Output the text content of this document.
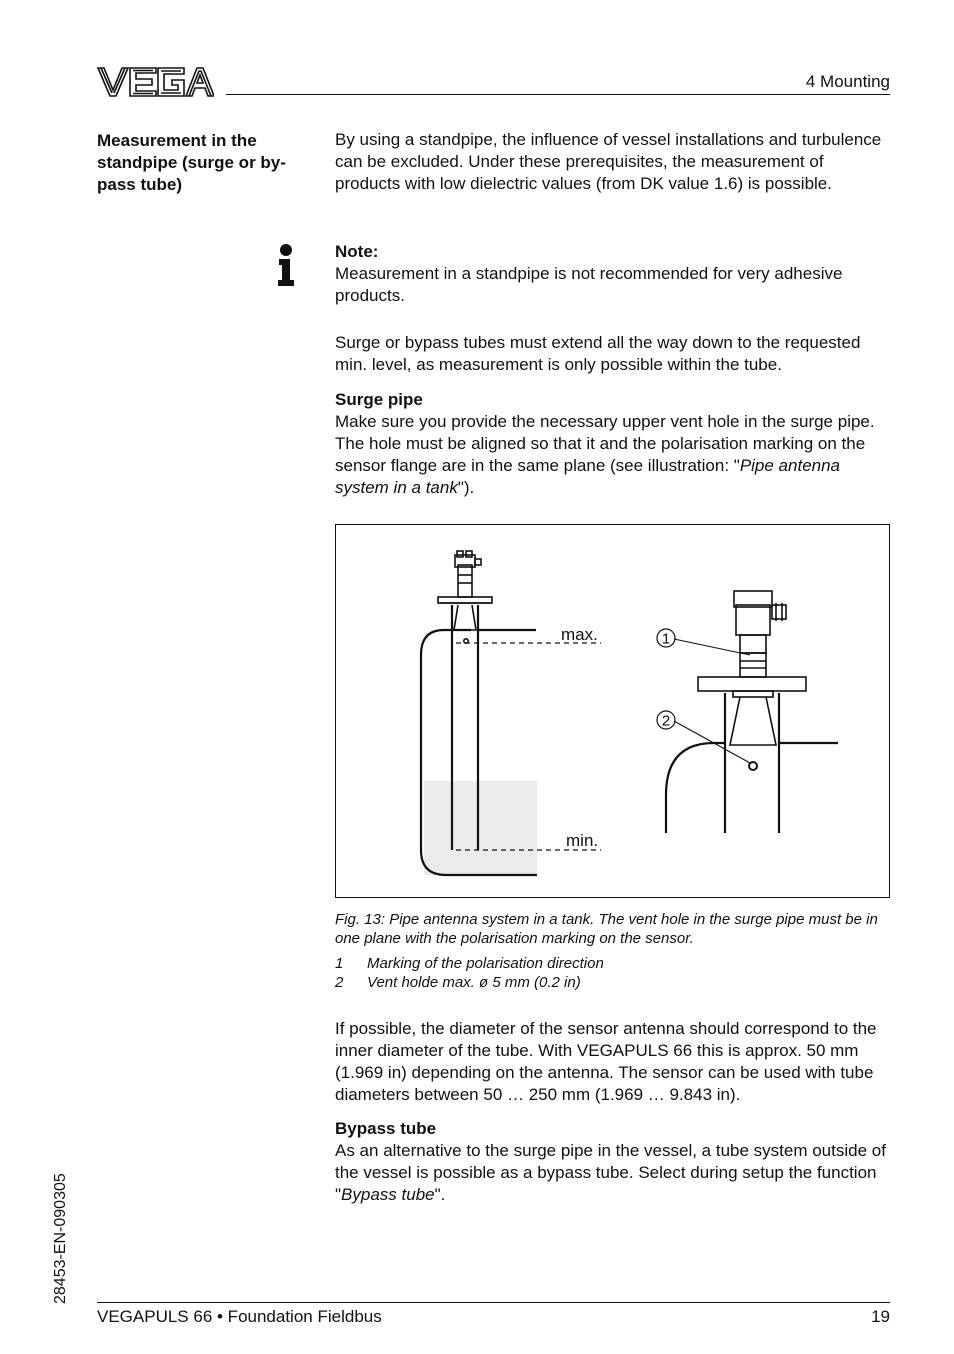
4 Mounting
Measurement in the standpipe (surge or by-pass tube)

By using a standpipe, the influence of vessel installations and turbulence can be excluded. Under these prerequisites, the measurement of products with low dielectric values (from DK value 1.6) is possible.

Note:

Measurement in a standpipe is not recommended for very adhesive products.

Surge or bypass tubes must extend all the way down to the requested min. level, as measurement is only possible within the tube.

Surge pipe

Make sure you provide the necessary upper vent hole in the surge pipe. The hole must be aligned so that it and the polarisation marking on the sensor flange are in the same plane (see illustration: "Pipe antenna system in a tank").

max.
min.
1
2
Fig. 13: Pipe antenna system in a tank. The vent hole in the surge pipe must be in one plane with the polarisation marking on the sensor.
1	Marking of the polarisation direction
2	Vent holde max. ø 5 mm (0.2 in)

If possible, the diameter of the sensor antenna should correspond to the inner diameter of the tube. With VEGAPULS 66 this is approx. 50 mm (1.969 in) depending on the antenna. The sensor can be used with tube diameters between 50 … 250 mm (1.969 … 9.843 in).

Bypass tube

As an alternative to the surge pipe in the vessel, a tube system outside of the vessel is possible as a bypass tube. Select during setup the function "Bypass tube".

28453-EN-090305
VEGAPULS 66 • Foundation Fieldbus	19
